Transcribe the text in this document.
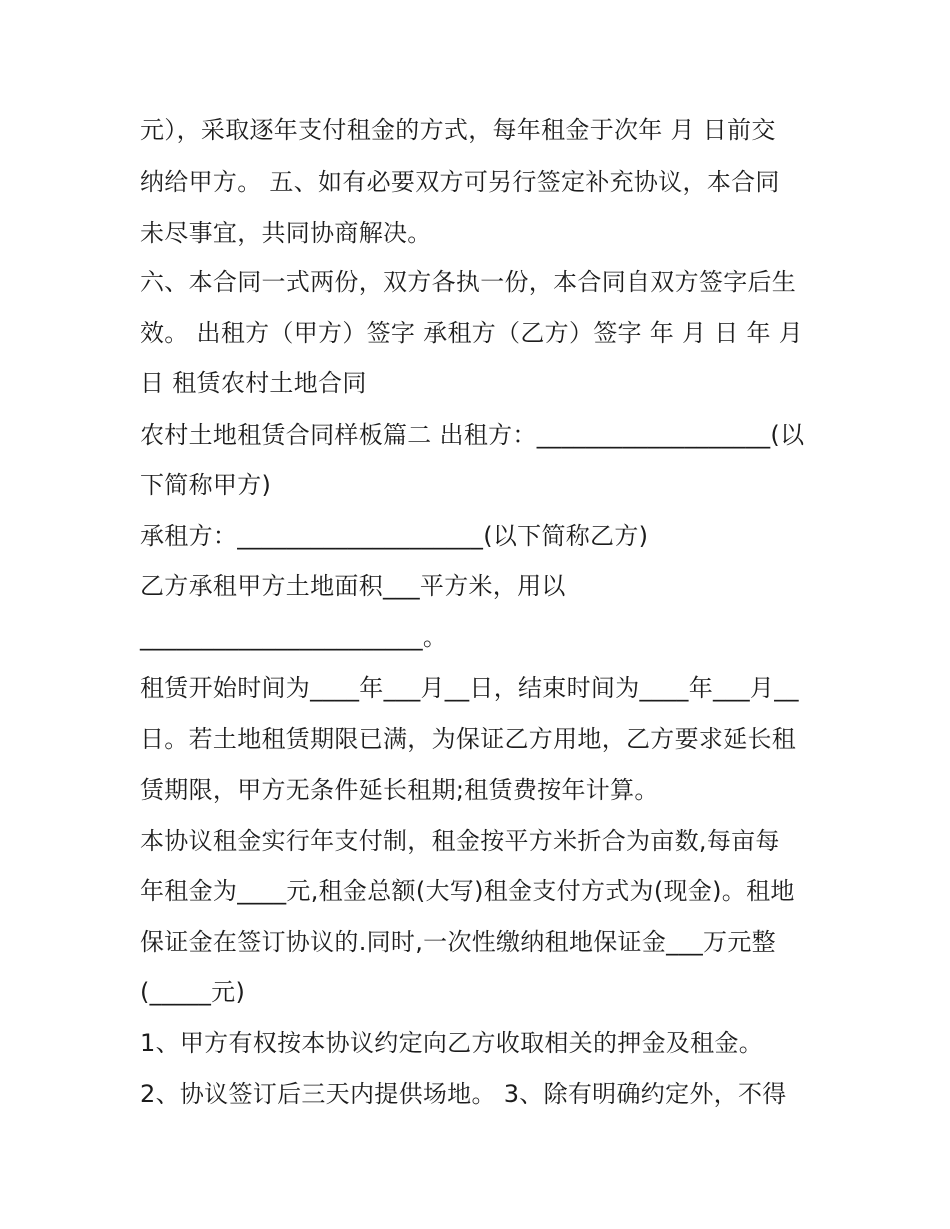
元），采取逐年支付租金的方式，每年租金于次年 月 日前交
纳给甲方。 五、如有必要双方可另行签定补充协议，本合同
未尽事宜，共同协商解决。
六、本合同一式两份，双方各执一份，本合同自双方签字后生
效。 出租方（甲方）签字 承租方（乙方）签字 年 月 日 年 月
日 租赁农村土地合同
农村土地租赁合同样板篇二 出租方：___________________(以
下简称甲方)
承租方：____________________(以下简称乙方)
乙方承租甲方土地面积___平方米，用以
_______________________。
租赁开始时间为____年___月__日，结束时间为____年___月__
日。若土地租赁期限已满，为保证乙方用地，乙方要求延长租
赁期限，甲方无条件延长租期;租赁费按年计算。
本协议租金实行年支付制，租金按平方米折合为亩数,每亩每
年租金为____元,租金总额(大写)租金支付方式为(现金)。租地
保证金在签订协议的.同时,一次性缴纳租地保证金___万元整
(_____元)
1、甲方有权按本协议约定向乙方收取相关的押金及租金。
2、协议签订后三天内提供场地。 3、除有明确约定外，不得
